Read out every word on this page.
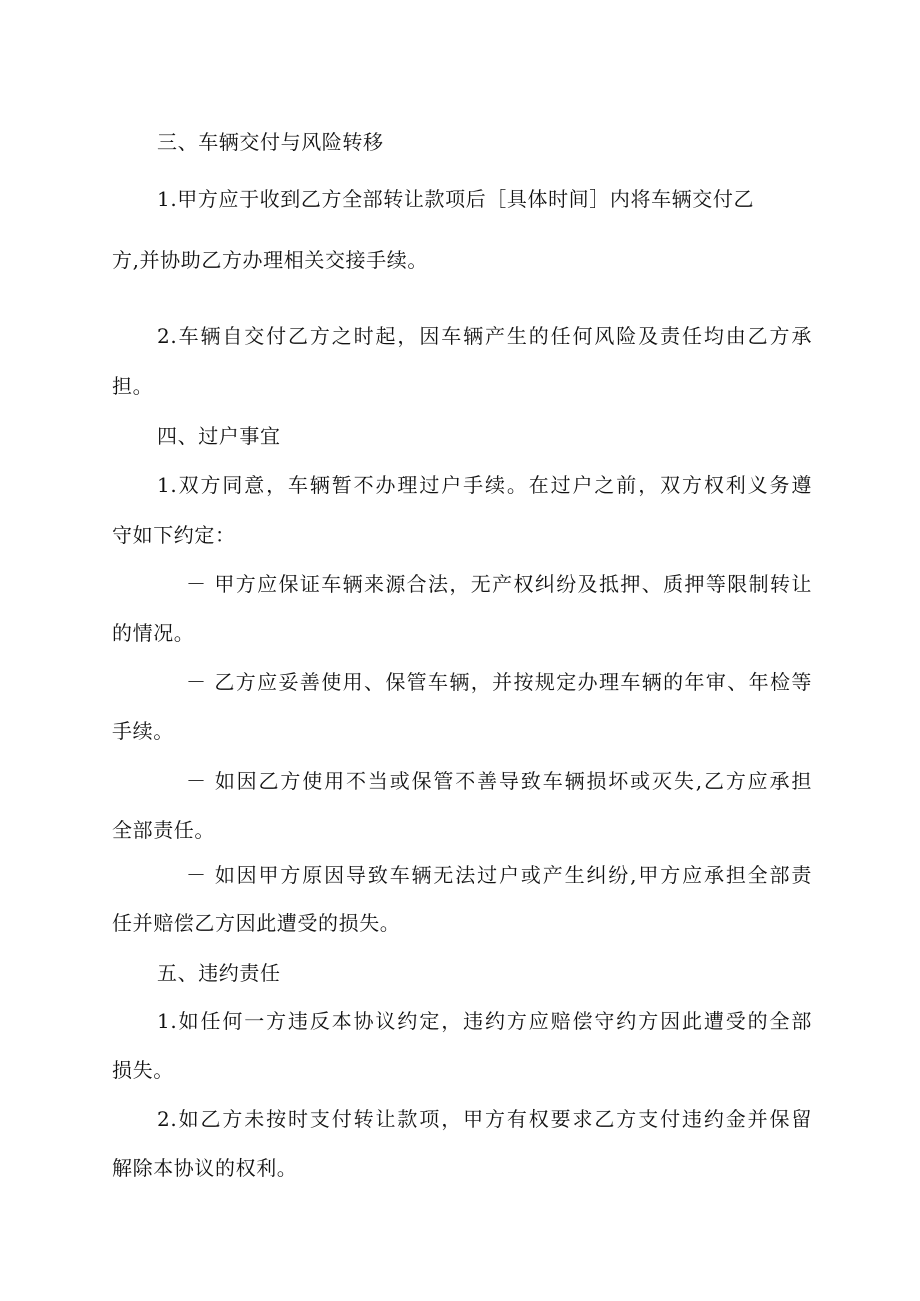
三、车辆交付与风险转移
1.甲方应于收到乙方全部转让款项后［具体时间］内将车辆交付乙
方,并协助乙方办理相关交接手续。
2.车辆自交付乙方之时起，因车辆产生的任何风险及责任均由乙方承
担。
四、过户事宜
1.双方同意，车辆暂不办理过户手续。在过户之前，双方权利义务遵
守如下约定：
－ 甲方应保证车辆来源合法，无产权纠纷及抵押、质押等限制转让
的情况。
－ 乙方应妥善使用、保管车辆，并按规定办理车辆的年审、年检等
手续。
－ 如因乙方使用不当或保管不善导致车辆损坏或灭失,乙方应承担
全部责任。
－ 如因甲方原因导致车辆无法过户或产生纠纷,甲方应承担全部责
任并赔偿乙方因此遭受的损失。
五、违约责任
1.如任何一方违反本协议约定，违约方应赔偿守约方因此遭受的全部
损失。
2.如乙方未按时支付转让款项，甲方有权要求乙方支付违约金并保留
解除本协议的权利。
